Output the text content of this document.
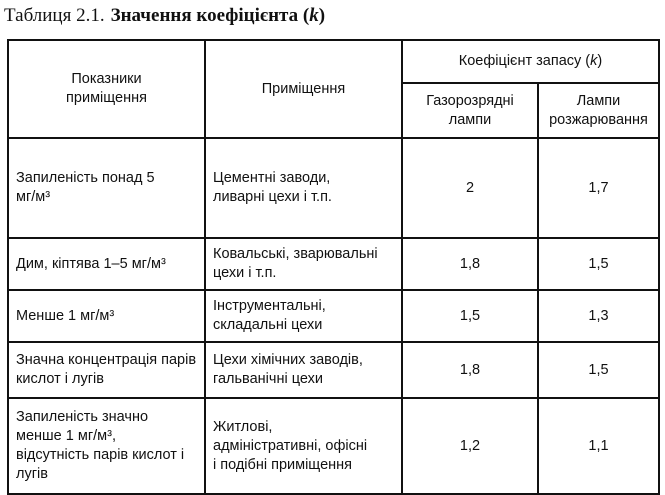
Таблиця 2.1. Значення коефіцієнта (k)
Показники приміщення	Приміщення	Коефіцієнт запасу (k)	
		Газорозрядні лампи	Лампи розжарювання
Запиленість понад 5 мг/м³	Цементні заводи, ливарні цехи і т.п.	2	1,7
Дим, кіптява 1–5 мг/м³	Ковальські, зварювальні цехи і т.п.	1,8	1,5
Менше 1 мг/м³	Інструментальні, складальні цехи	1,5	1,3
Значна концентрація парів кислот і лугів	Цехи хімічних заводів, гальванічні цехи	1,8	1,5
Запиленість значно менше 1 мг/м³, відсутність парів кислот і лугів	Житлові, адміністративні, офісні і подібні приміщення	1,2	1,1
